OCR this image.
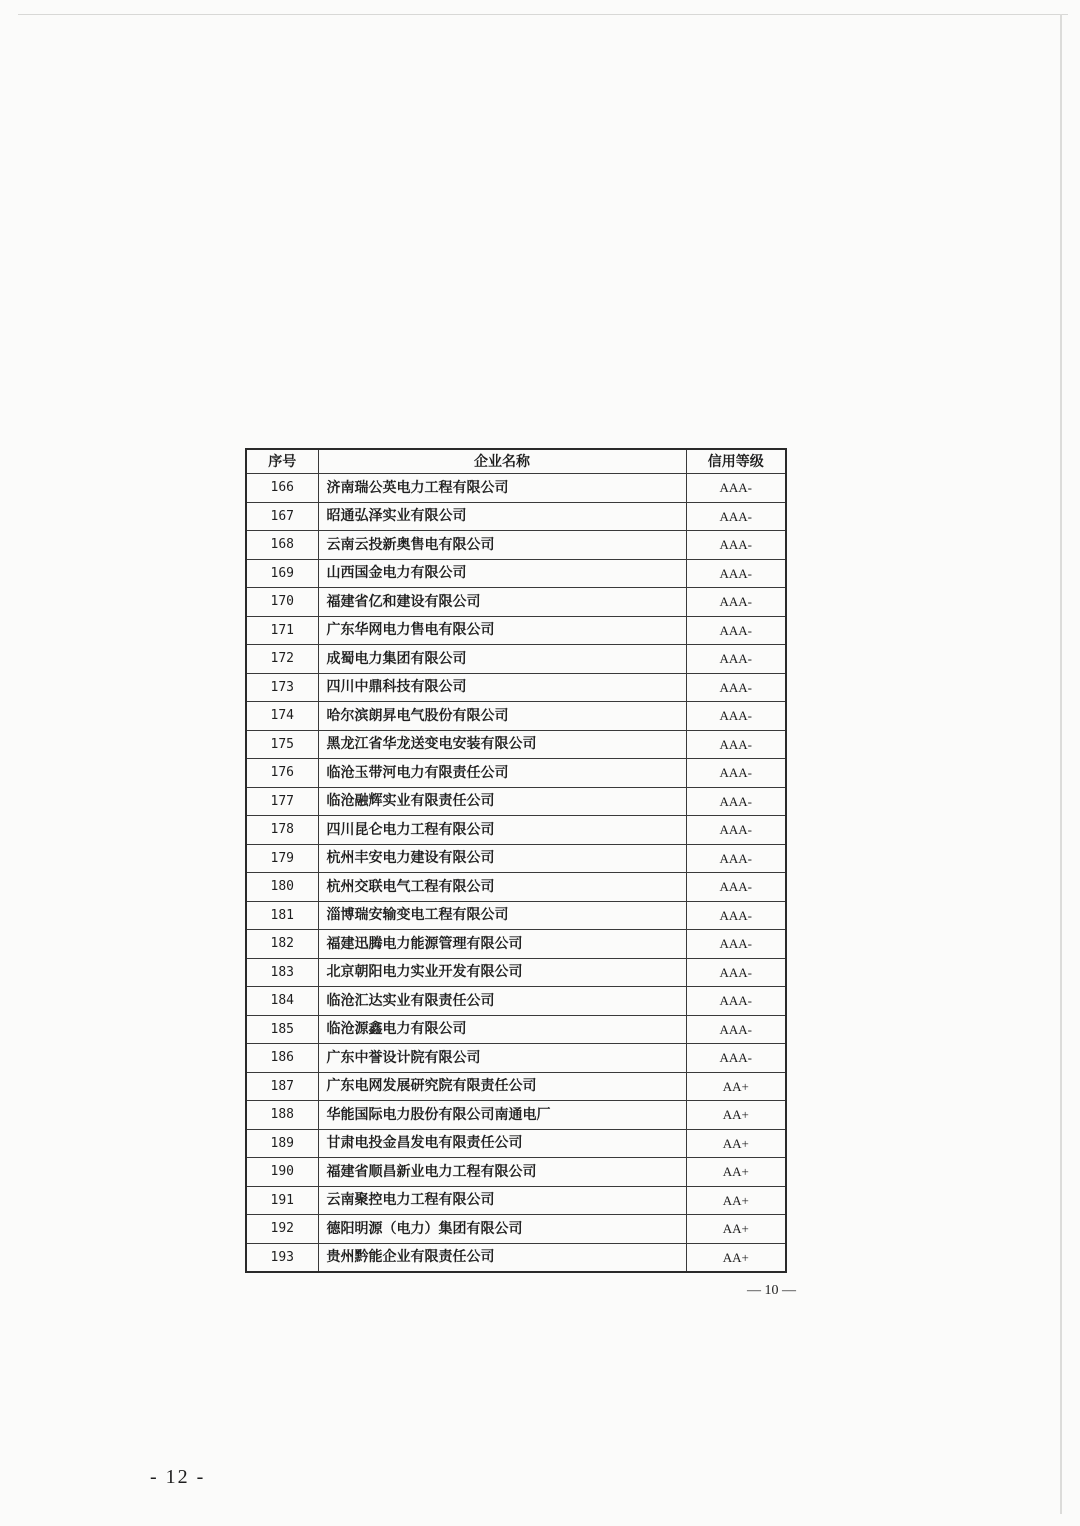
序号	企业名称	信用等级
166	济南瑞公英电力工程有限公司	AAA-
167	昭通弘泽实业有限公司	AAA-
168	云南云投新奥售电有限公司	AAA-
169	山西国金电力有限公司	AAA-
170	福建省亿和建设有限公司	AAA-
171	广东华网电力售电有限公司	AAA-
172	成蜀电力集团有限公司	AAA-
173	四川中鼎科技有限公司	AAA-
174	哈尔滨朗昇电气股份有限公司	AAA-
175	黑龙江省华龙送变电安装有限公司	AAA-
176	临沧玉带河电力有限责任公司	AAA-
177	临沧融辉实业有限责任公司	AAA-
178	四川昆仑电力工程有限公司	AAA-
179	杭州丰安电力建设有限公司	AAA-
180	杭州交联电气工程有限公司	AAA-
181	淄博瑞安输变电工程有限公司	AAA-
182	福建迅腾电力能源管理有限公司	AAA-
183	北京朝阳电力实业开发有限公司	AAA-
184	临沧汇达实业有限责任公司	AAA-
185	临沧源鑫电力有限公司	AAA-
186	广东中誉设计院有限公司	AAA-
187	广东电网发展研究院有限责任公司	AA+
188	华能国际电力股份有限公司南通电厂	AA+
189	甘肃电投金昌发电有限责任公司	AA+
190	福建省顺昌新业电力工程有限公司	AA+
191	云南聚控电力工程有限公司	AA+
192	德阳明源（电力）集团有限公司	AA+
193	贵州黔能企业有限责任公司	AA+
— 10 —
- 12 -
